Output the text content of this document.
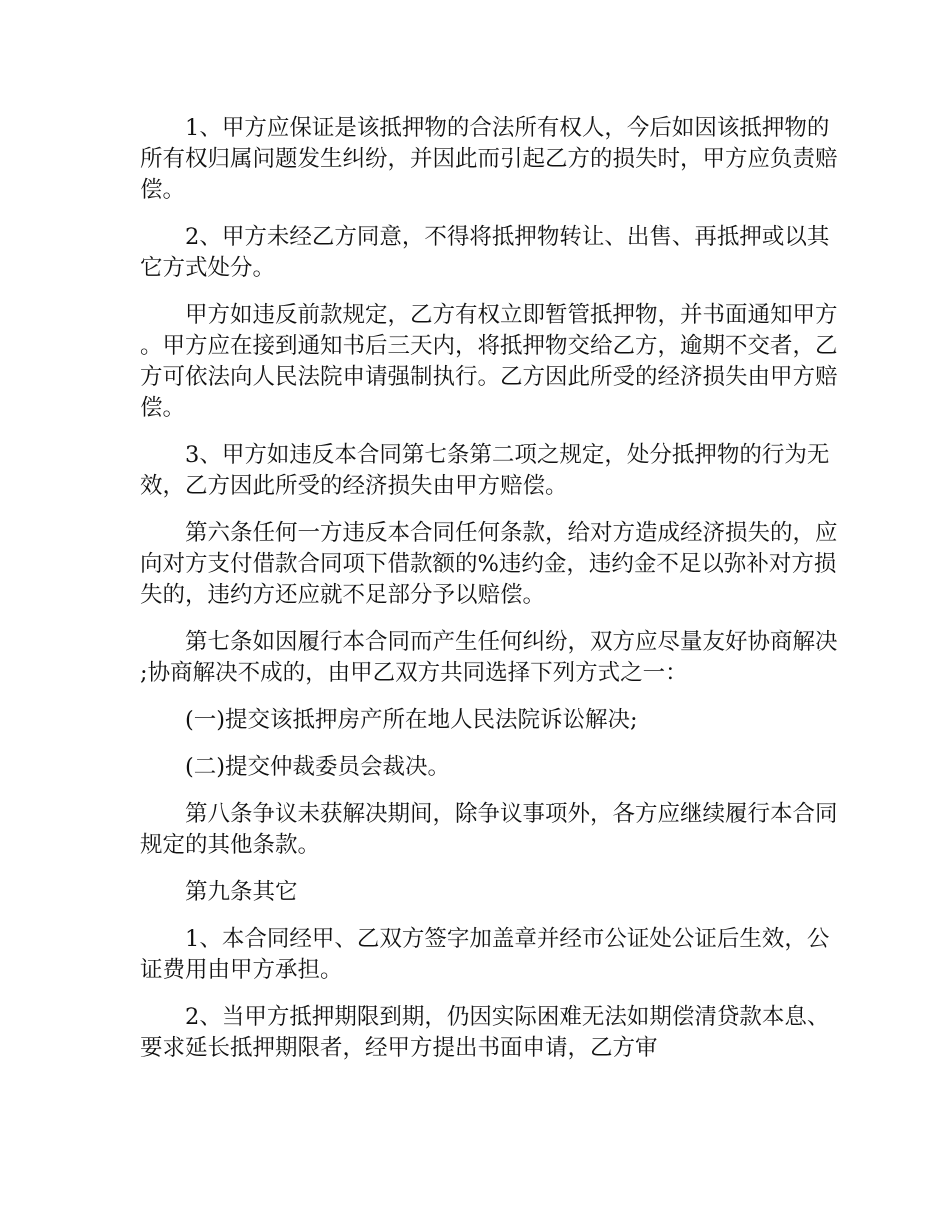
1、甲方应保证是该抵押物的合法所有权人，今后如因该抵押物的所有权归属问题发生纠纷，并因此而引起乙方的损失时，甲方应负责赔偿。

2、甲方未经乙方同意，不得将抵押物转让、出售、再抵押或以其它方式处分。

甲方如违反前款规定，乙方有权立即暂管抵押物，并书面通知甲方。甲方应在接到通知书后三天内，将抵押物交给乙方，逾期不交者，乙方可依法向人民法院申请强制执行。乙方因此所受的经济损失由甲方赔偿。

3、甲方如违反本合同第七条第二项之规定，处分抵押物的行为无效，乙方因此所受的经济损失由甲方赔偿。

第六条任何一方违反本合同任何条款，给对方造成经济损失的，应向对方支付借款合同项下借款额的%违约金，违约金不足以弥补对方损失的，违约方还应就不足部分予以赔偿。

第七条如因履行本合同而产生任何纠纷，双方应尽量友好协商解决;协商解决不成的，由甲乙双方共同选择下列方式之一：

(一)提交该抵押房产所在地人民法院诉讼解决;

(二)提交仲裁委员会裁决。

第八条争议未获解决期间，除争议事项外，各方应继续履行本合同规定的其他条款。

第九条其它

1、本合同经甲、乙双方签字加盖章并经市公证处公证后生效，公证费用由甲方承担。

2、当甲方抵押期限到期，仍因实际困难无法如期偿清贷款本息、要求延长抵押期限者，经甲方提出书面申请，乙方审
